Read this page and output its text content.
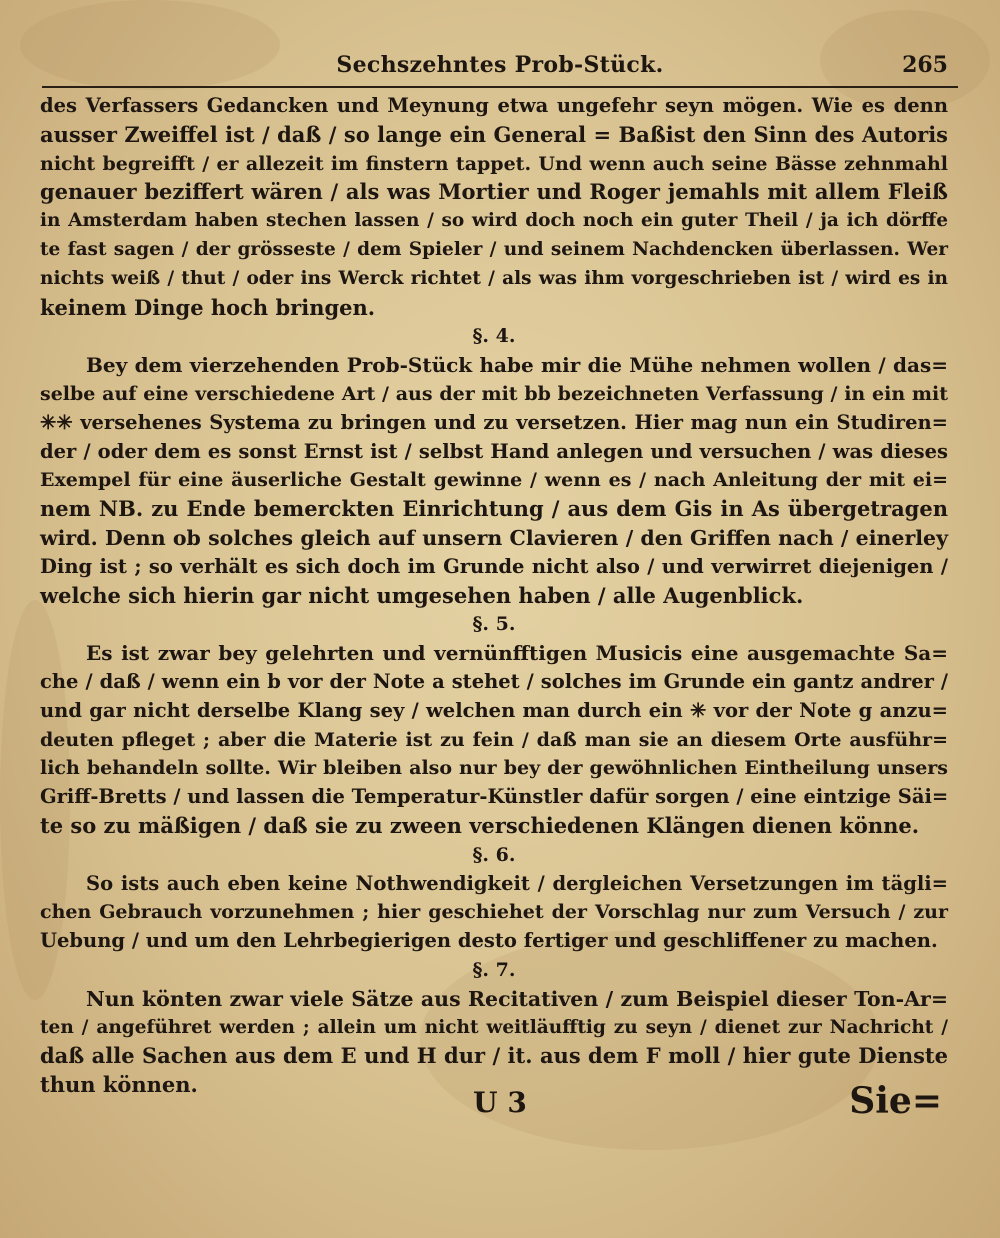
Sechszehntes Prob-Stück.	265
des Verfassers Gedancken und Meynung etwa ungefehr seyn mögen. Wie es denn
ausser Zweiffel ist / daß / so lange ein General = Baßist den Sinn des Autoris
nicht begreifft / er allezeit im finstern tappet. Und wenn auch seine Bässe zehnmahl
genauer beziffert wären / als was Mortier und Roger jemahls mit allem Fleiß
in Amsterdam haben stechen lassen / so wird doch noch ein guter Theil / ja ich dörffe
te fast sagen / der grösseste / dem Spieler / und seinem Nachdencken überlassen. Wer
nichts weiß / thut / oder ins Werck richtet / als was ihm vorgeschrieben ist / wird es in
keinem Dinge hoch bringen.
§. 4.
Bey dem vierzehenden Prob-Stück habe mir die Mühe nehmen wollen / das=
selbe auf eine verschiedene Art / aus der mit bb bezeichneten Verfassung / in ein mit
✳✳ versehenes Systema zu bringen und zu versetzen. Hier mag nun ein Studiren=
der / oder dem es sonst Ernst ist / selbst Hand anlegen und versuchen / was dieses
Exempel für eine äuserliche Gestalt gewinne / wenn es / nach Anleitung der mit ei=
nem NB. zu Ende bemerckten Einrichtung / aus dem Gis in As übergetragen
wird. Denn ob solches gleich auf unsern Clavieren / den Griffen nach / einerley
Ding ist ; so verhält es sich doch im Grunde nicht also / und verwirret diejenigen /
welche sich hierin gar nicht umgesehen haben / alle Augenblick.
§. 5.
Es ist zwar bey gelehrten und vernünfftigen Musicis eine ausgemachte Sa=
che / daß / wenn ein b vor der Note a stehet / solches im Grunde ein gantz andrer /
und gar nicht derselbe Klang sey / welchen man durch ein ✳ vor der Note g anzu=
deuten pfleget ; aber die Materie ist zu fein / daß man sie an diesem Orte ausführ=
lich behandeln sollte. Wir bleiben also nur bey der gewöhnlichen Eintheilung unsers
Griff-Bretts / und lassen die Temperatur-Künstler dafür sorgen / eine eintzige Säi=
te so zu mäßigen / daß sie zu zween verschiedenen Klängen dienen könne.
§. 6.
So ists auch eben keine Nothwendigkeit / dergleichen Versetzungen im tägli=
chen Gebrauch vorzunehmen ; hier geschiehet der Vorschlag nur zum Versuch / zur
Uebung / und um den Lehrbegierigen desto fertiger und geschliffener zu machen.
§. 7.
Nun könten zwar viele Sätze aus Recitativen / zum Beispiel dieser Ton-Ar=
ten / angeführet werden ; allein um nicht weitläufftig zu seyn / dienet zur Nachricht /
daß alle Sachen aus dem E und H dur / it. aus dem F moll / hier gute Dienste
thun können.
U 3	Sie=
